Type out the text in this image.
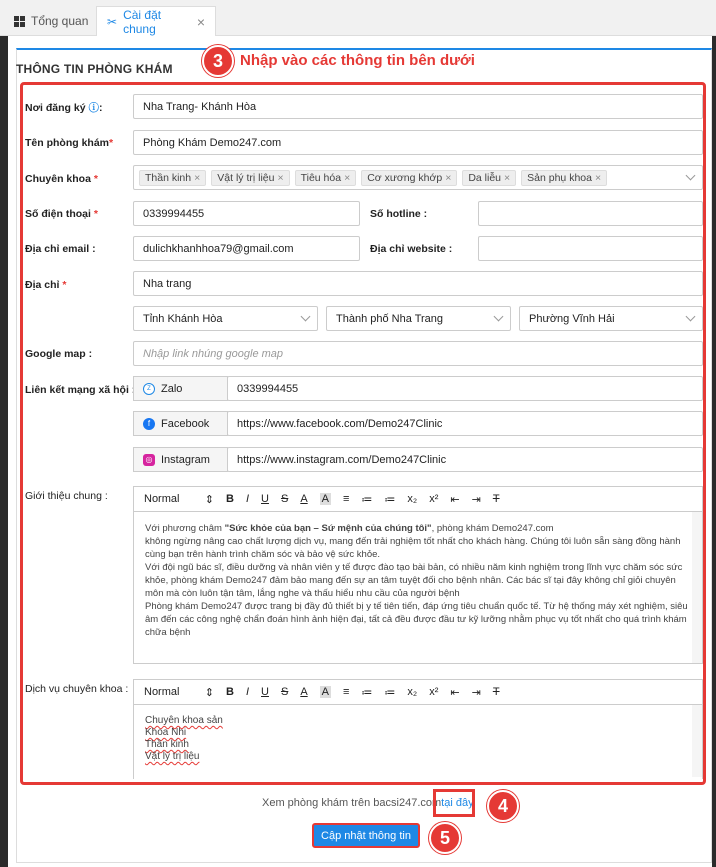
Tổng quan ✂ Cài đặt chung	×
THÔNG TIN PHÒNG KHÁM	3	Nhập vào các thông tin bên dưới
Nơi đăng ký ⓘ:	Nha Trang- Khánh Hòa
Tên phòng khám*	Phòng Khám Demo247.com
Chuyên khoa *	Thần kinh × Vật lý trị liệu × Tiêu hóa × Cơ xương khớp × Da liễu × Sản phụ khoa ×
Số điện thoại *	0339994455	Số hotline :
Địa chỉ email :	dulichkhanhhoa79@gmail.com	Địa chỉ website :
Địa chỉ *	Nha trang
Tỉnh Khánh Hòa	Thành phố Nha Trang	Phường Vĩnh Hải
Google map :	Nhập link nhúng google map
Liên kết mạng xã hội	Z Zalo	0339994455
f Facebook	https://www.facebook.com/Demo247Clinic
◎ Instagram	https://www.instagram.com/Demo247Clinic
Giới thiệu chung :	Normal ⇕ B I U S A A ≡ ≔ ≔ x₂ x² ⇤ ⇥ T
Với phương châm "Sức khỏe của bạn – Sứ mệnh của chúng tôi", phòng khám Demo247.com
không ngừng nâng cao chất lượng dịch vụ, mang đến trải nghiệm tốt nhất cho khách hàng. Chúng tôi luôn sẵn sàng đồng hành cùng bạn trên hành trình chăm sóc và bảo vệ sức khỏe.
Với đội ngũ bác sĩ, điều dưỡng và nhân viên y tế được đào tạo bài bản, có nhiều năm kinh nghiệm trong lĩnh vực chăm sóc sức khỏe, phòng khám Demo247 đảm bảo mang đến sự an tâm tuyệt đối cho bệnh nhân. Các bác sĩ tại đây không chỉ giỏi chuyên môn mà còn luôn tận tâm, lắng nghe và thấu hiểu nhu cầu của người bệnh
Phòng khám Demo247 được trang bị đầy đủ thiết bị y tế tiên tiến, đáp ứng tiêu chuẩn quốc tế. Từ hệ thống máy xét nghiệm, siêu âm đến các công nghệ chẩn đoán hình ảnh hiện đại, tất cả đều được đầu tư kỹ lưỡng nhằm phục vụ tốt nhất cho quá trình khám chữa bệnh
Dịch vụ chuyên khoa : Normal ⇕ B I U S A A ≡ ≔ ≔ x₂ x² ⇤ ⇥ T
Chuyên khoa sản
Khoa Nhi
Thần kinh
Vật lý trị liệu
Xem phòng khám trên bacsi247.comtại đây.	4
Cập nhật thông tin	5
